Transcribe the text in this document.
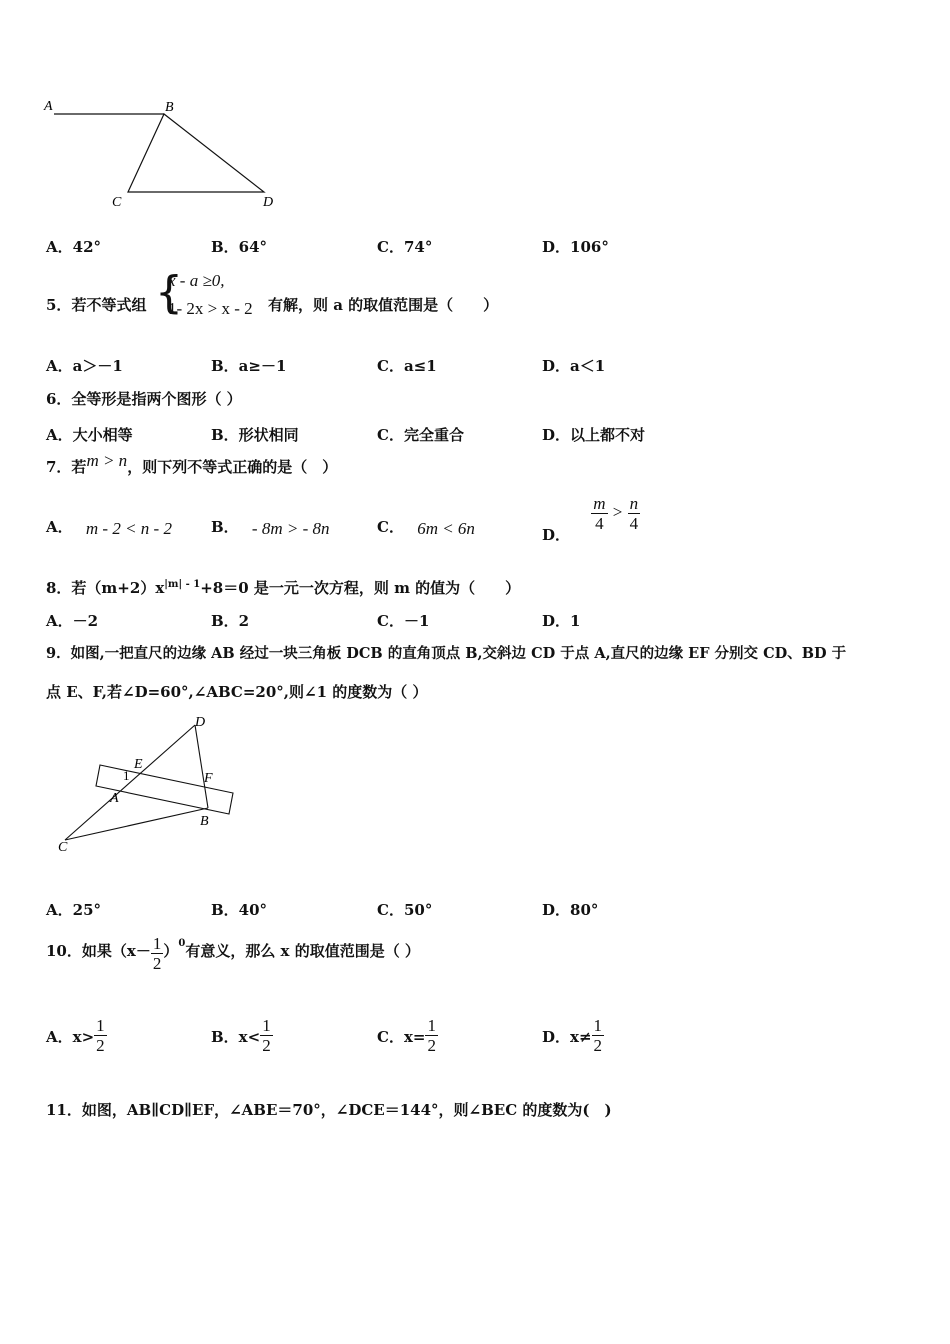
A	B
C	D
A．42°	B．64°	C．74°	D．106°
5．若不等式组 {
x - a ≥0,
1- 2x > x - 2 有解，则 a 的取值范围是（　　）
A．a＞－1	B．a≥－1	C．a≤1	D．a＜1
6．全等形是指两个图形（ ）
A．大小相等	B．形状相同	C．完全重合	D．以上都不对
7．若m > n，则下列不等式正确的是（　）
A． m - 2 < n - 2	B． - 8m > - 8n	C． 6m < 6n	D．
$\frac{m}{4} > \frac{n}{4}$
8．若$(m+2)x^{|m| - 1}+8=0$ 是一元一次方程，则 m 的值为（　　）
A．－2	B．2	C．－1	D．1
9．如图,一把直尺的边缘 AB 经过一块三角板 DCB 的直角顶点 B,交斜边 CD 于点 A,直尺的边缘 EF 分别交 CD、BD 于
点 E、F,若∠D=60°,∠ABC=20°,则∠1 的度数为（ ）
D
E
F
1
A
B
C
A．25°	B．40°	C．50°	D．80°
10．如果$(x- \frac{1}{2} )^0$有意义，那么 x 的取值范围是（ ）
A．$x> \frac{1}{2}$	B．$x< \frac{1}{2}$	C．$x= \frac{1}{2}$	D．$x\ne \frac{1}{2}$
11．如图，AB∥CD∥EF，∠ABE＝70°，∠DCE＝144°，则∠BEC 的度数为(　)
